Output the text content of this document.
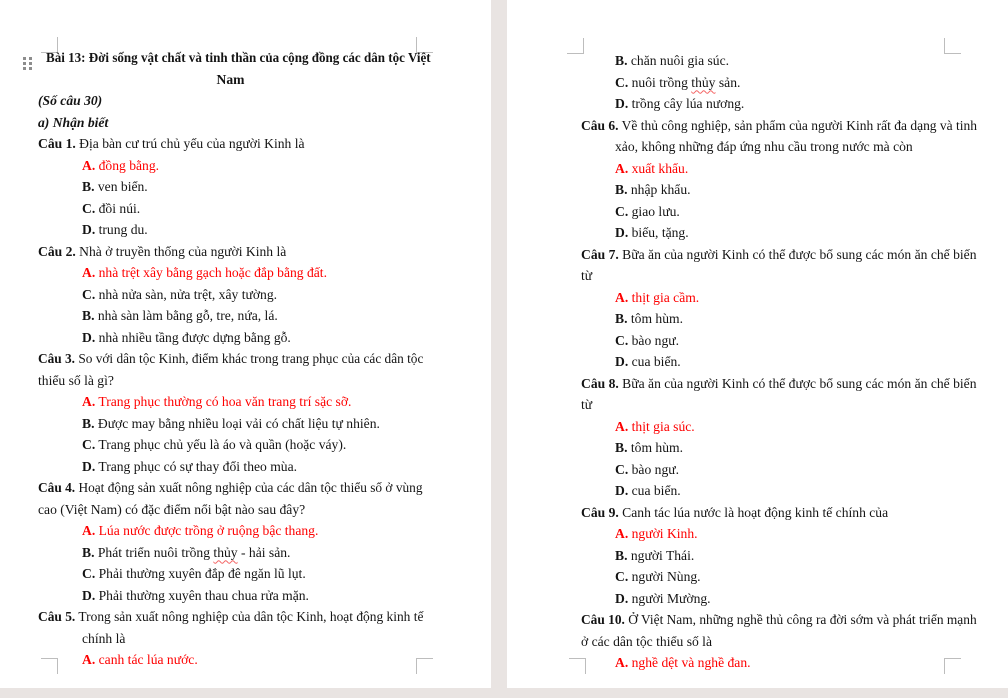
Bài 13: Đời sống vật chất và tinh thần của cộng đồng các dân tộc Việt
Nam
(Số câu 30)
a) Nhận biết
Câu 1. Địa bàn cư trú chủ yếu của người Kinh là
A. đồng bằng.
B. ven biển.
C. đồi núi.
D. trung du.
Câu 2. Nhà ở truyền thống của người Kinh là
A. nhà trệt xây bằng gạch hoặc đắp bằng đất.
C. nhà nửa sàn, nửa trệt, xây tường.
B. nhà sàn làm bằng gỗ, tre, nứa, lá.
D. nhà nhiều tầng được dựng bằng gỗ.
Câu 3. So với dân tộc Kinh, điểm khác trong trang phục của các dân tộc
thiểu số là gì?
A. Trang phục thường có hoa văn trang trí sặc sỡ.
B. Được may bằng nhiều loại vải có chất liệu tự nhiên.
C. Trang phục chủ yếu là áo và quần (hoặc váy).
D. Trang phục có sự thay đổi theo mùa.
Câu 4. Hoạt động sản xuất nông nghiệp của các dân tộc thiểu số ở vùng
cao (Việt Nam) có đặc điểm nổi bật nào sau đây?
A. Lúa nước được trồng ở ruộng bậc thang.
B. Phát triển nuôi trồng thủy - hải sản.
C. Phải thường xuyên đắp đê ngăn lũ lụt.
D. Phải thường xuyên thau chua rửa mặn.
Câu 5. Trong sản xuất nông nghiệp của dân tộc Kinh, hoạt động kinh tế
chính là
A. canh tác lúa nước.
B. chăn nuôi gia súc.
C. nuôi trồng thủy sản.
D. trồng cây lúa nương.
Câu 6. Về thủ công nghiệp, sản phẩm của người Kinh rất đa dạng và tinh
xảo, không những đáp ứng nhu cầu trong nước mà còn
A. xuất khẩu.
B. nhập khẩu.
C. giao lưu.
D. biếu, tặng.
Câu 7. Bữa ăn của người Kinh có thể được bổ sung các món ăn chế biến
từ
A. thịt gia cầm.
B. tôm hùm.
C. bào ngư.
D. cua biển.
Câu 8. Bữa ăn của người Kinh có thể được bổ sung các món ăn chế biến
từ
A. thịt gia súc.
B. tôm hùm.
C. bào ngư.
D. cua biển.
Câu 9. Canh tác lúa nước là hoạt động kinh tế chính của
A. người Kinh.
B. người Thái.
C. người Nùng.
D. người Mường.
Câu 10. Ở Việt Nam, những nghề thủ công ra đời sớm và phát triển mạnh
ở các dân tộc thiểu số là
A. nghề dệt và nghề đan.
